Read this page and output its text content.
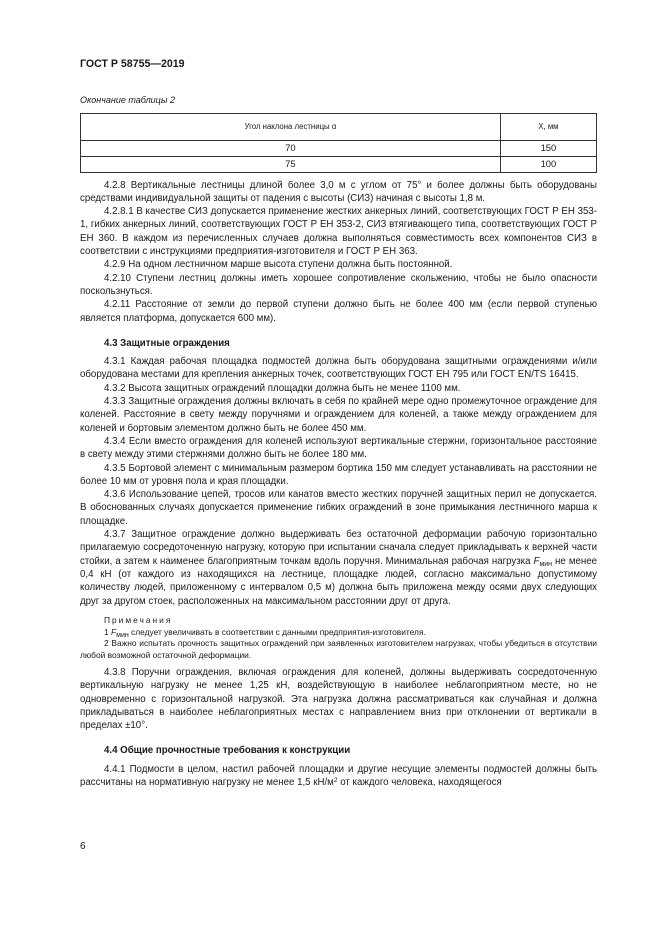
ГОСТ Р 58755—2019
Окончание таблицы 2
Угол наклона лестницы α	X, мм
70	150
75	100

4.2.8 Вертикальные лестницы длиной более 3,0 м с углом от 75° и более должны быть оборудованы средствами индивидуальной защиты от падения с высоты (СИЗ) начиная с высоты 1,8 м.

4.2.8.1 В качестве СИЗ допускается применение жестких анкерных линий, соответствующих ГОСТ Р ЕН 353-1, гибких анкерных линий, соответствующих ГОСТ Р ЕН 353-2, СИЗ втягивающего типа, соответствующих ГОСТ Р ЕН 360. В каждом из перечисленных случаев должна выполняться совместимость всех компонентов СИЗ в соответствии с инструкциями предприятия-изготовителя и ГОСТ Р ЕН 363.

4.2.9 На одном лестничном марше высота ступени должна быть постоянной.

4.2.10 Ступени лестниц должны иметь хорошее сопротивление скольжению, чтобы не было опасности поскользнуться.

4.2.11 Расстояние от земли до первой ступени должно быть не более 400 мм (если первой ступенью является платформа, допускается 600 мм).

4.3 Защитные ограждения

4.3.1 Каждая рабочая площадка подмостей должна быть оборудована защитными ограждениями и/или оборудована местами для крепления анкерных точек, соответствующих ГОСТ ЕН 795 или ГОСТ EN/TS 16415.

4.3.2 Высота защитных ограждений площадки должна быть не менее 1100 мм.

4.3.3 Защитные ограждения должны включать в себя по крайней мере одно промежуточное ограждение для коленей. Расстояние в свету между поручнями и ограждением для коленей, а также между ограждением для коленей и бортовым элементом должно быть не более 450 мм.

4.3.4 Если вместо ограждения для коленей используют вертикальные стержни, горизонтальное расстояние в свету между этими стержнями должно быть не более 180 мм.

4.3.5 Бортовой элемент с минимальным размером бортика 150 мм следует устанавливать на расстоянии не более 10 мм от уровня пола и края площадки.

4.3.6 Использование цепей, тросов или канатов вместо жестких поручней защитных перил не допускается. В обоснованных случаях допускается применение гибких ограждений в зоне примыкания лестничного марша к площадке.

4.3.7 Защитное ограждение должно выдерживать без остаточной деформации рабочую горизонтально прилагаемую сосредоточенную нагрузку, которую при испытании сначала следует прикладывать к верхней части стойки, а затем к наименее благоприятным точкам вдоль поручня. Минимальная рабочая нагрузка $F_{мин}$ не менее 0,4 кН (от каждого из находящихся на лестнице, площадке людей, согласно максимально допустимому количеству людей, приложенному с интервалом 0,5 м) должна быть приложена между осями двух следующих друг за другом стоек, расположенных на максимальном расстоянии друг от друга.

Примечания

1 $F_{мин}$ следует увеличивать в соответствии с данными предприятия-изготовителя.

2 Важно испытать прочность защитных ограждений при заявленных изготовителем нагрузках, чтобы убедиться в отсутствии любой возможной остаточной деформации.

4.3.8 Поручни ограждения, включая ограждения для коленей, должны выдерживать сосредоточенную вертикальную нагрузку не менее 1,25 кН, воздействующую в наиболее неблагоприятном месте, но не одновременно с горизонтальной нагрузкой. Эта нагрузка должна рассматриваться как случайная и должна прикладываться в наиболее неблагоприятных местах с направлением вниз при отклонении от вертикали в пределах ±10°.

4.4 Общие прочностные требования к конструкции

4.4.1 Подмости в целом, настил рабочей площадки и другие несущие элементы подмостей должны быть рассчитаны на нормативную нагрузку не менее 1,5 $кН/м^2$ от каждого человека, находящегося

6
